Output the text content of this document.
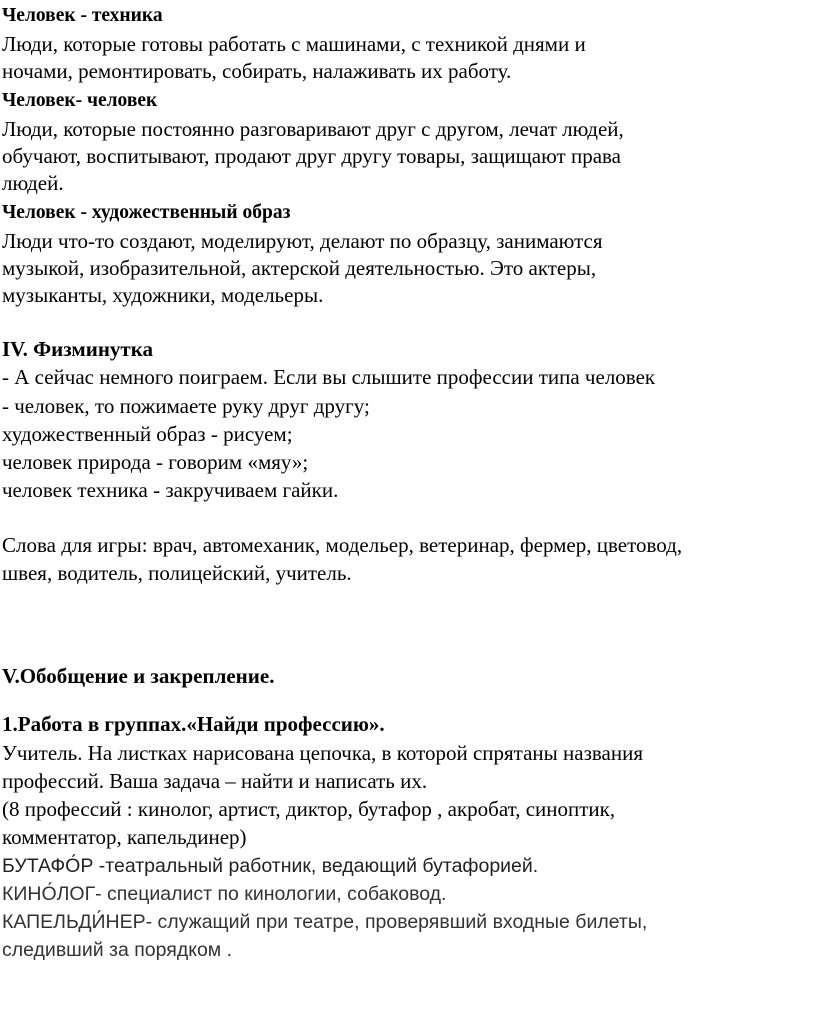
Человек - техника
Люди, которые готовы работать с машинами, с техникой днями и
ночами, ремонтировать, собирать, налаживать их работу.
Человек- человек
Люди, которые постоянно разговаривают друг с другом, лечат людей,
обучают, воспитывают, продают друг другу товары, защищают права
людей.
Человек - художественный образ
Люди что-то создают, моделируют, делают по образцу, занимаются
музыкой, изобразительной, актерской деятельностью. Это актеры,
музыканты, художники, модельеры.
IV. Физминутка
- А сейчас немного поиграем. Если вы слышите профессии типа человек
- человек, то пожимаете руку друг другу;
художественный образ - рисуем;
человек природа - говорим «мяу»;
человек техника - закручиваем гайки.
Слова для игры: врач, автомеханик, модельер, ветеринар, фермер, цветовод,
швея, водитель, полицейский, учитель.
V.Обобщение и закрепление.
1.Работа в группах.«Найди профессию».
Учитель. На листках нарисована цепочка, в которой спрятаны названия
профессий. Ваша задача – найти и написать их.
(8 профессий : кинолог, артист, диктор, бутафор , акробат, синоптик,
комментатор, капельдинер)
БУТАФО́Р -театральный работник, ведающий бутафорией.
КИНО́ЛОГ- специалист по кинологии, собаковод.
КАПЕЛЬДИ́НЕР- служащий при театре, проверявший входные билеты,
следивший за порядком .
